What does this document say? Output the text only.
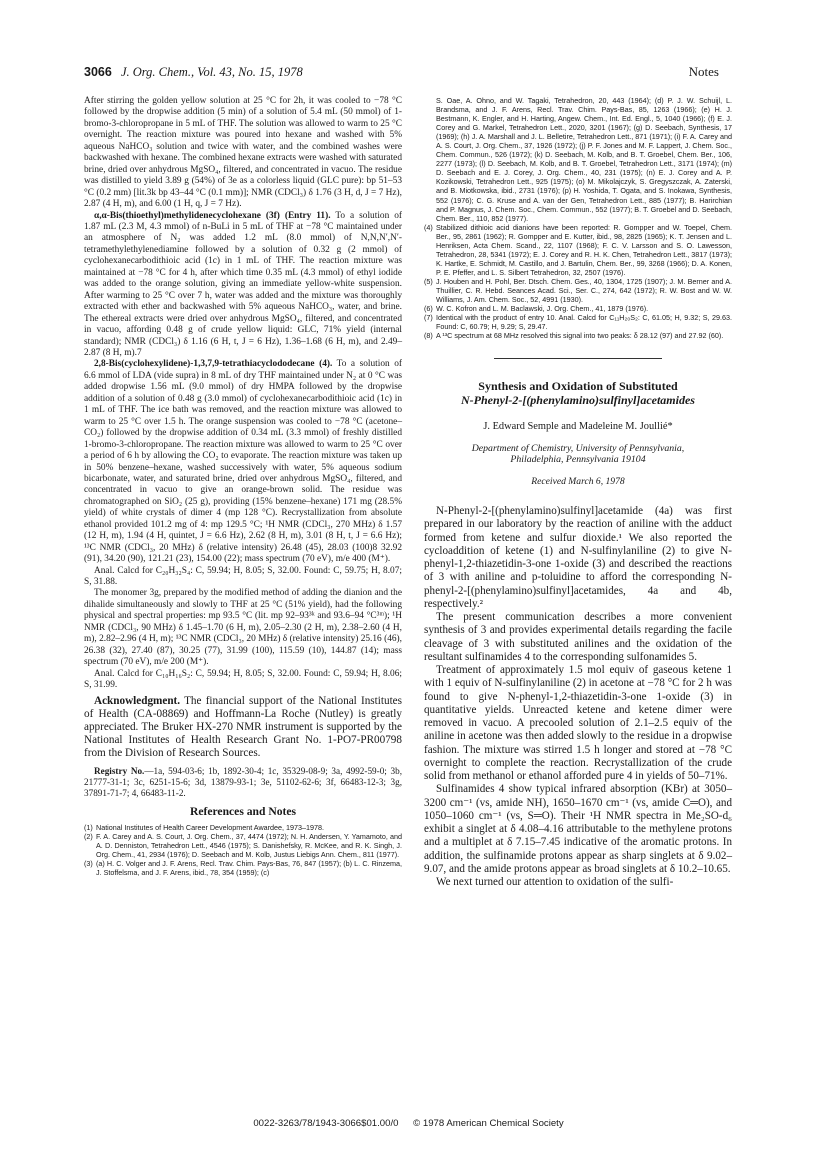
3066 J. Org. Chem., Vol. 43, No. 15, 1978	Notes

After stirring the golden yellow solution at 25 °C for 2h, it was cooled to −78 °C followed by the dropwise addition (5 min) of a solution of 5.4 mL (50 mmol) of 1-bromo-3-chloropropane in 5 mL of THF. The solution was allowed to warm to 25 °C overnight. The reaction mixture was poured into hexane and washed with 5% aqueous NaHCO₃ solution and twice with water, and the combined washes were backwashed with hexane. The combined hexane extracts were washed with saturated brine, dried over anhydrous MgSO₄, filtered, and concentrated in vacuo. The residue was distilled to yield 3.89 g (54%) of 3e as a colorless liquid (GLC pure): bp 51–53 °C (0.2 mm) [lit.3k bp 43–44 °C (0.1 mm)]; NMR (CDCl₃) δ 1.76 (3 H, d, J = 7 Hz), 2.87 (4 H, m), and 6.00 (1 H, q, J = 7 Hz).

α,α-Bis(thioethyl)methylidenecyclohexane (3f) (Entry 11). To a solution of 1.87 mL (2.3 M, 4.3 mmol) of n-BuLi in 5 mL of THF at −78 °C maintained under an atmosphere of N₂ was added 1.2 mL (8.0 mmol) of N,N,N′,N′-tetramethylethylenediamine followed by a solution of 0.32 g (2 mmol) of cyclohexanecarbodithioic acid (1c) in 1 mL of THF. The reaction mixture was maintained at −78 °C for 4 h, after which time 0.35 mL (4.3 mmol) of ethyl iodide was added to the orange solution, giving an immediate yellow-white suspension. After warming to 25 °C over 7 h, water was added and the mixture was thoroughly extracted with ether and backwashed with 5% aqueous NaHCO₃, water, and brine. The ethereal extracts were dried over anhydrous MgSO₄, filtered, and concentrated in vacuo, affording 0.48 g of crude yellow liquid: GLC, 71% yield (internal standard); NMR (CDCl₃) δ 1.16 (6 H, t, J = 6 Hz), 1.36–1.68 (6 H, m), and 2.49–2.87 (8 H, m).7

2,8-Bis(cyclohexylidene)-1,3,7,9-tetrathiacyclododecane (4). To a solution of 6.6 mmol of LDA (vide supra) in 8 mL of dry THF maintained under N₂ at 0 °C was added dropwise 1.56 mL (9.0 mmol) of dry HMPA followed by the dropwise addition of a solution of 0.48 g (3.0 mmol) of cyclohexanecarbodithioic acid (1c) in 1 mL of THF. The ice bath was removed, and the reaction mixture was allowed to warm to 25 °C over 1.5 h. The orange suspension was cooled to −78 °C (acetone–CO₂) followed by the dropwise addition of 0.34 mL (3.3 mmol) of freshly distilled 1-bromo-3-chloropropane. The reaction mixture was allowed to warm to 25 °C over a period of 6 h by allowing the CO₂ to evaporate. The reaction mixture was taken up in 50% benzene–hexane, washed successively with water, 5% aqueous sodium bicarbonate, water, and saturated brine, dried over anhydrous MgSO₄, filtered, and concentrated in vacuo to give an orange-brown solid. The residue was chromatographed on SiO₂ (25 g), providing (15% benzene–hexane) 171 mg (28.5% yield) of white crystals of dimer 4 (mp 128 °C). Recrystallization from absolute ethanol provided 101.2 mg of 4: mp 129.5 °C; ¹H NMR (CDCl₃, 270 MHz) δ 1.57 (12 H, m), 1.94 (4 H, quintet, J = 6.6 Hz), 2.62 (8 H, m), 3.01 (8 H, t, J = 6.6 Hz); ¹³C NMR (CDCl₃, 20 MHz) δ (relative intensity) 26.48 (45), 28.03 (100)8 32.92 (91), 34.20 (90), 121.21 (23), 154.00 (22); mass spectrum (70 eV), m/e 400 (M⁺).

Anal. Calcd for C₂₀H₃₂S₄: C, 59.94; H, 8.05; S, 32.00. Found: C, 59.75; H, 8.07; S, 31.88.

The monomer 3g, prepared by the modified method of adding the dianion and the dihalide simultaneously and slowly to THF at 25 °C (51% yield), had the following physical and spectral properties: mp 93.5 °C (lit. mp 92–93³ᵏ and 93.6–94 °C³ᵐ); ¹H NMR (CDCl₃, 90 MHz) δ 1.45–1.70 (6 H, m), 2.05–2.30 (2 H, m), 2.38–2.60 (4 H, m), 2.82–2.96 (4 H, m); ¹³C NMR (CDCl₃, 20 MHz) δ (relative intensity) 25.16 (46), 26.38 (32), 27.40 (87), 30.25 (77), 31.99 (100), 115.59 (10), 144.87 (14); mass spectrum (70 eV), m/e 200 (M⁺).

Anal. Calcd for C₁₀H₁₆S₂: C, 59.94; H, 8.05; S, 32.00. Found: C, 59.94; H, 8.06; S, 31.99.

Acknowledgment. The financial support of the National Institutes of Health (CA-08869) and Hoffmann-La Roche (Nutley) is greatly appreciated. The Bruker HX-270 NMR instrument is supported by the National Institutes of Health Research Grant No. 1-PO7-PR00798 from the Division of Research Sources.

Registry No.—1a, 594-03-6; 1b, 1892-30-4; 1c, 35329-08-9; 3a, 4992-59-0; 3b, 21777-31-1; 3c, 6251-15-6; 3d, 13879-93-1; 3e, 51102-62-6; 3f, 66483-12-3; 3g, 37891-71-7; 4, 66483-11-2.

References and Notes
(1) National Institutes of Health Career Development Awardee, 1973–1978.
(2) F. A. Carey and A. S. Court, J. Org. Chem., 37, 4474 (1972); N. H. Andersen, Y. Yamamoto, and A. D. Denniston, Tetrahedron Lett., 4546 (1975); S. Danishefsky, R. McKee, and R. K. Singh, J. Org. Chem., 41, 2934 (1976); D. Seebach and M. Kolb, Justus Liebigs Ann. Chem., 811 (1977).
(3) (a) H. C. Volger and J. F. Arens, Recl. Trav. Chim. Pays-Bas, 76, 847 (1957); (b) L. C. Rinzema, J. Stoffelsma, and J. F. Arens, ibid., 78, 354 (1959); (c)
S. Oae, A. Ohno, and W. Tagaki, Tetrahedron, 20, 443 (1964); (d) P. J. W. Schuijl, L. Brandsma, and J. F. Arens, Recl. Trav. Chim. Pays-Bas, 85, 1263 (1966); (e) H. J. Bestmann, K. Engler, and H. Harting, Angew. Chem., Int. Ed. Engl., 5, 1040 (1966); (f) E. J. Corey and G. Markel, Tetrahedron Lett., 2020, 3201 (1967); (g) D. Seebach, Synthesis, 17 (1969); (h) J. A. Marshall and J. L. Belletire, Tetrahedron Lett., 871 (1971); (i) F. A. Carey and A. S. Court, J. Org. Chem., 37, 1926 (1972); (j) P. F. Jones and M. F. Lappert, J. Chem. Soc., Chem. Commun., 526 (1972); (k) D. Seebach, M. Kolb, and B. T. Groebel, Chem. Ber., 106, 2277 (1973); (l) D. Seebach, M. Kolb, and B. T. Groebel, Tetrahedron Lett., 3171 (1974); (m) D. Seebach and E. J. Corey, J. Org. Chem., 40, 231 (1975); (n) E. J. Corey and A. P. Kozikowski, Tetrahedron Lett., 925 (1975); (o) M. Mikolajczyk, S. Gregyszczak, A. Zaterski, and B. Miotkowska, ibid., 2731 (1976); (p) H. Yoshida, T. Ogata, and S. Inokawa, Synthesis, 552 (1976); C. G. Kruse and A. van der Gen, Tetrahedron Lett., 885 (1977); B. Harirchian and P. Magnus, J. Chem. Soc., Chem. Commun., 552 (1977); B. T. Groebel and D. Seebach, Chem. Ber., 110, 852 (1977).
(4) Stabilized dithioic acid dianions have been reported: R. Gompper and W. Toepel, Chem. Ber., 95, 2861 (1962); R. Gompper and E. Kutter, ibid., 98, 2825 (1965); K. T. Jensen and L. Henriksen, Acta Chem. Scand., 22, 1107 (1968); F. C. V. Larsson and S. O. Lawesson, Tetrahedron, 28, 5341 (1972); E. J. Corey and R. H. K. Chen, Tetrahedron Lett., 3817 (1973); K. Hartke, E. Schmidt, M. Castillo, and J. Bartulin, Chem. Ber., 99, 3268 (1966); D. A. Konen, P. E. Pfeffer, and L. S. Silbert Tetrahedron, 32, 2507 (1976).
(5) J. Houben and H. Pohl, Ber. Dtsch. Chem. Ges., 40, 1304, 1725 (1907); J. M. Berner and A. Thuillier, C. R. Hebd. Seances Acad. Sci., Ser. C., 274, 642 (1972); R. W. Bost and W. W. Williams, J. Am. Chem. Soc., 52, 4991 (1930).
(6) W. C. Kofron and L. M. Baclawski, J. Org. Chem., 41, 1879 (1976).
(7) Identical with the product of entry 10. Anal. Calcd for C₁₁H₂₀S₂: C, 61.05; H, 9.32; S, 29.63. Found: C, 60.79; H, 9.29; S, 29.47.
(8) A ¹³C spectrum at 68 MHz resolved this signal into two peaks: δ 28.12 (97) and 27.92 (60).
Synthesis and Oxidation of Substituted
N-Phenyl-2-[(phenylamino)sulfinyl]acetamides
J. Edward Semple and Madeleine M. Joullié*
Department of Chemistry, University of Pennsylvania,
Philadelphia, Pennsylvania 19104
Received March 6, 1978

N-Phenyl-2-[(phenylamino)sulfinyl]acetamide (4a) was first prepared in our laboratory by the reaction of aniline with the adduct formed from ketene and sulfur dioxide.¹ We also reported the cycloaddition of ketene (1) and N-sulfinylaniline (2) to give N-phenyl-1,2-thiazetidin-3-one 1-oxide (3) and described the reactions of 3 with aniline and p-toluidine to afford the corresponding N-phenyl-2-[(phenylamino)sulfinyl]acetamides, 4a and 4b, respectively.²

The present communication describes a more convenient synthesis of 3 and provides experimental details regarding the facile cleavage of 3 with substituted anilines and the oxidation of the resultant sulfinamides 4 to the corresponding sulfonamides 5.

Treatment of approximately 1.5 mol equiv of gaseous ketene 1 with 1 equiv of N-sulfinylaniline (2) in acetone at −78 °C for 2 h was found to give N-phenyl-1,2-thiazetidin-3-one 1-oxide (3) in quantitative yields. Unreacted ketene and ketene dimer were removed in vacuo. A precooled solution of 2.1–2.5 equiv of the aniline in acetone was then added slowly to the residue in a dropwise fashion. The mixture was stirred 1.5 h longer and stored at −78 °C overnight to complete the reaction. Recrystallization of the crude solid from methanol or ethanol afforded pure 4 in yields of 50–71%.

Sulfinamides 4 show typical infrared absorption (KBr) at 3050–3200 cm⁻¹ (vs, amide NH), 1650–1670 cm⁻¹ (vs, amide C═O), and 1050–1060 cm⁻¹ (vs, S═O). Their ¹H NMR spectra in Me₂SO-d₆ exhibit a singlet at δ 4.08–4.16 attributable to the methylene protons and a multiplet at δ 7.15–7.45 indicative of the aromatic protons. In addition, the sulfinamide protons appear as sharp singlets at δ 9.02–9.07, and the amide protons appear as broad singlets at δ 10.2–10.65.

We next turned our attention to oxidation of the sulfi-

0022-3263/78/1943-3066$01.00/0 © 1978 American Chemical Society
